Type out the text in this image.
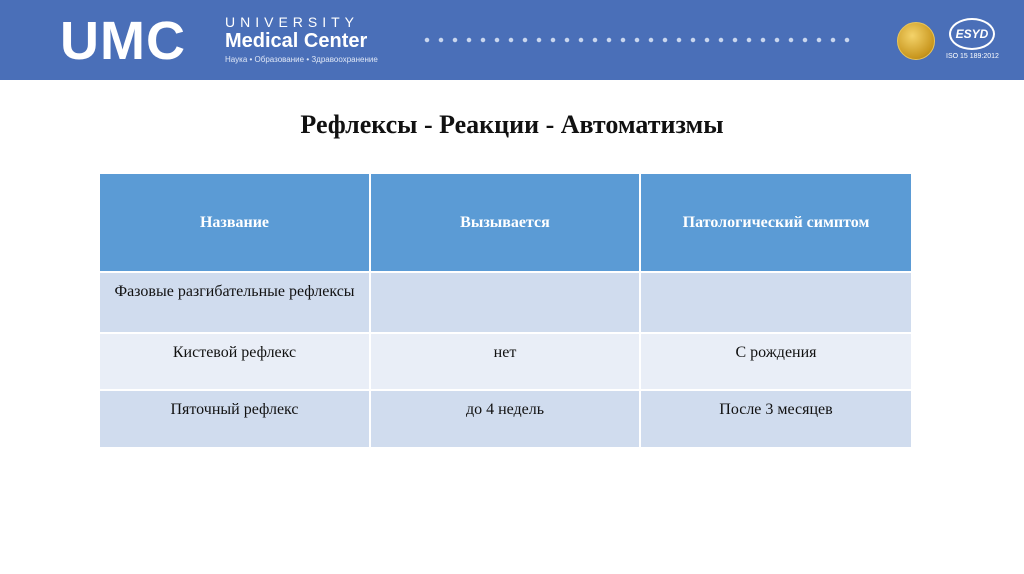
UMC	UNIVERSITY
Medical Center
Наука • Образование • Здравоохранение
ESYD
ISO 15 189:2012
Рефлексы - Реакции - Автоматизмы
Название	Вызывается	Патологический симптом
Фазовые разгибательные рефлексы		
Кистевой рефлекс	нет	С рождения
Пяточный рефлекс	до 4 недель	После 3 месяцев
